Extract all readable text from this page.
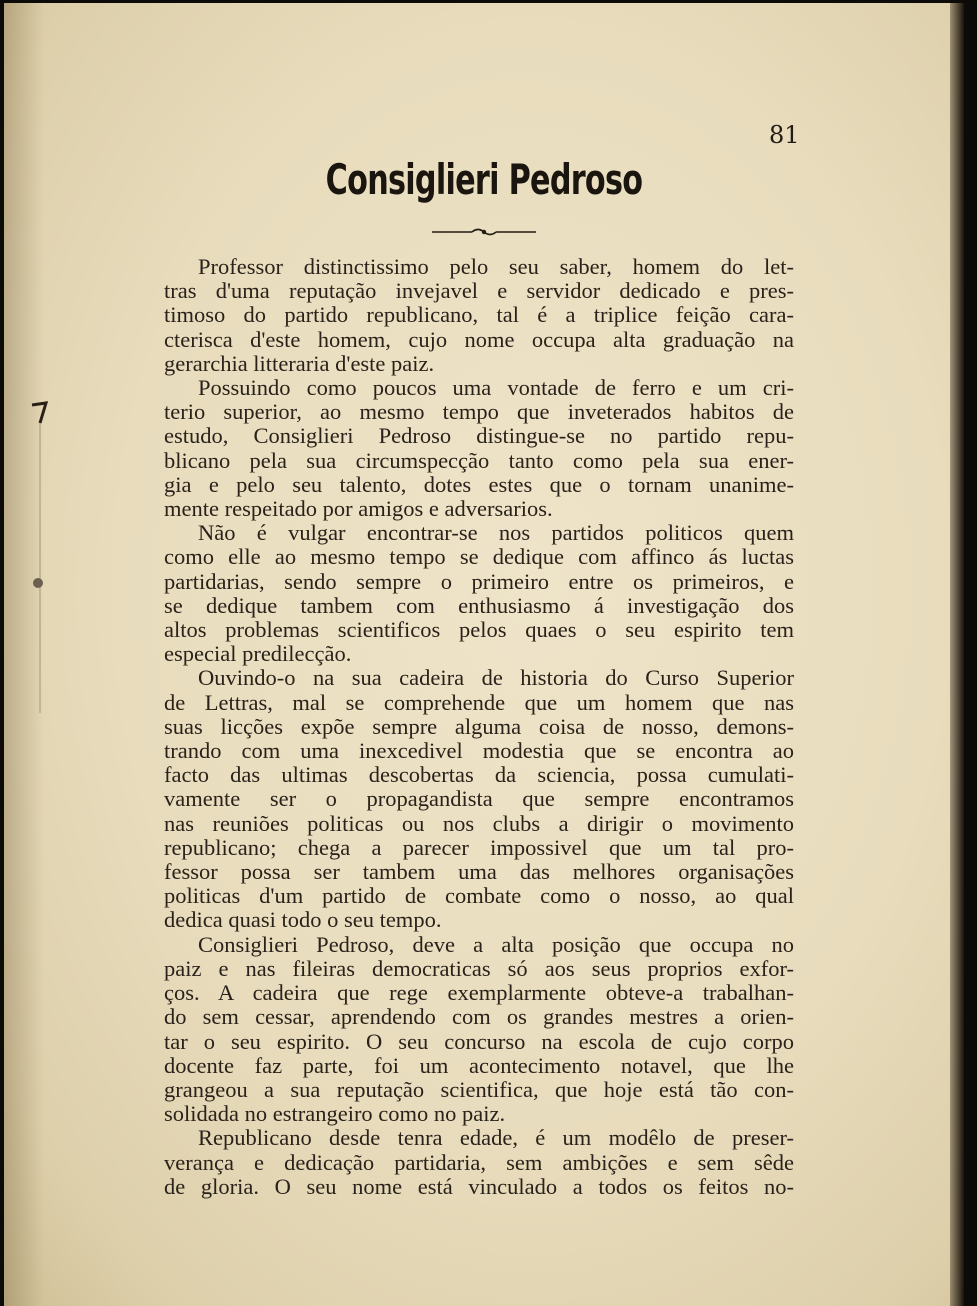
81
Consiglieri Pedroso
Professor distinctissimo pelo seu saber, homem do let-
tras d'uma reputação invejavel e servidor dedicado e pres-
timoso do partido republicano, tal é a triplice feição cara-
cterisca d'este homem, cujo nome occupa alta graduação na
gerarchia litteraria d'este paiz.
Possuindo como poucos uma vontade de ferro e um cri-
terio superior, ao mesmo tempo que inveterados habitos de
estudo, Consiglieri Pedroso distingue-se no partido repu-
blicano pela sua circumspecção tanto como pela sua ener-
gia e pelo seu talento, dotes estes que o tornam unanime-
mente respeitado por amigos e adversarios.
Não é vulgar encontrar-se nos partidos politicos quem
como elle ao mesmo tempo se dedique com affinco ás luctas
partidarias, sendo sempre o primeiro entre os primeiros, e
se dedique tambem com enthusiasmo á investigação dos
altos problemas scientificos pelos quaes o seu espirito tem
especial predilecção.
Ouvindo-o na sua cadeira de historia do Curso Superior
de Lettras, mal se comprehende que um homem que nas
suas licções expõe sempre alguma coisa de nosso, demons-
trando com uma inexcedivel modestia que se encontra ao
facto das ultimas descobertas da sciencia, possa cumulati-
vamente ser o propagandista que sempre encontramos
nas reuniões politicas ou nos clubs a dirigir o movimento
republicano; chega a parecer impossivel que um tal pro-
fessor possa ser tambem uma das melhores organisações
politicas d'um partido de combate como o nosso, ao qual
dedica quasi todo o seu tempo.
Consiglieri Pedroso, deve a alta posição que occupa no
paiz e nas fileiras democraticas só aos seus proprios exfor-
ços. A cadeira que rege exemplarmente obteve-a trabalhan-
do sem cessar, aprendendo com os grandes mestres a orien-
tar o seu espirito. O seu concurso na escola de cujo corpo
docente faz parte, foi um acontecimento notavel, que lhe
grangeou a sua reputação scientifica, que hoje está tão con-
solidada no estrangeiro como no paiz.
Republicano desde tenra edade, é um modêlo de preser-
verança e dedicação partidaria, sem ambições e sem sêde
de gloria. O seu nome está vinculado a todos os feitos no-
